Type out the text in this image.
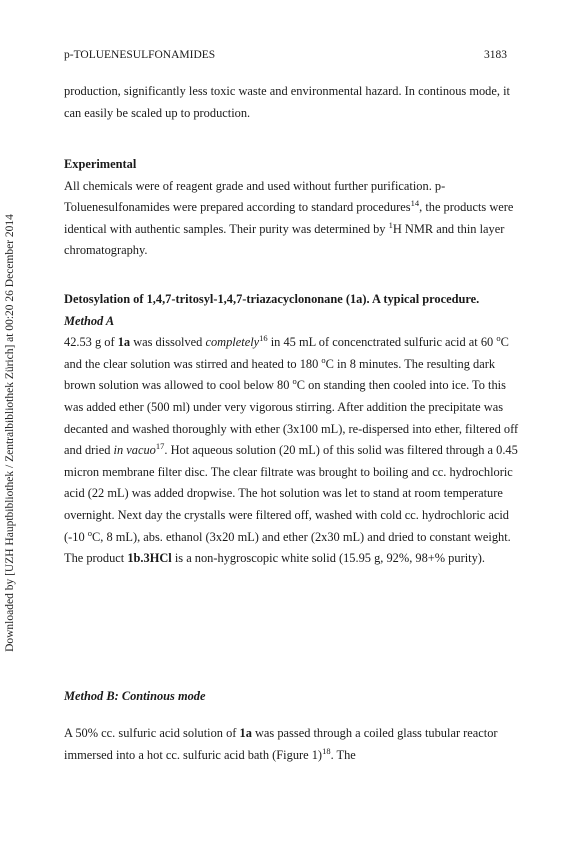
Downloaded by [UZH Hauptbibliothek / Zentralbibliothek Zürich] at 00:20 26 December 2014
p-TOLUENESULFONAMIDES	3183

production, significantly less toxic waste and environmental hazard. In continous mode, it can easily be scaled up to production.

Experimental

All chemicals were of reagent grade and used without further purification. p-Toluenesulfonamides were prepared according to standard procedures$^{14}$, the products were identical with authentic samples. Their purity was determined by $^1$H NMR and thin layer chromatography.

Detosylation of 1,4,7-tritosyl-1,4,7-triazacyclononane (1a). A typical procedure. Method A

42.53 g of 1a was dissolved completely$^{16}$ in 45 mL of concenctrated sulfuric acid at 60 $^o$C and the clear solution was stirred and heated to 180 $^o$C in 8 minutes. The resulting dark brown solution was allowed to cool below 80 $^o$C on standing then cooled into ice. To this was added ether (500 ml) under very vigorous stirring. After addition the precipitate was decanted and washed thoroughly with ether (3x100 mL), re-dispersed into ether, filtered off and dried in vacuo$^{17}$. Hot aqueous solution (20 mL) of this solid was filtered through a 0.45 micron membrane filter disc. The clear filtrate was brought to boiling and cc. hydrochloric acid (22 mL) was added dropwise. The hot solution was let to stand at room temperature overnight. Next day the crystalls were filtered off, washed with cold cc. hydrochloric acid (-10 $^o$C, 8 mL), abs. ethanol (3x20 mL) and ether (2x30 mL) and dried to constant weight. The product 1b.3HCl is a non-hygroscopic white solid (15.95 g, 92%, 98+% purity).

Method B: Continous mode

A 50% cc. sulfuric acid solution of 1a was passed through a coiled glass tubular reactor immersed into a hot cc. sulfuric acid bath (Figure 1)$^{18}$. The
